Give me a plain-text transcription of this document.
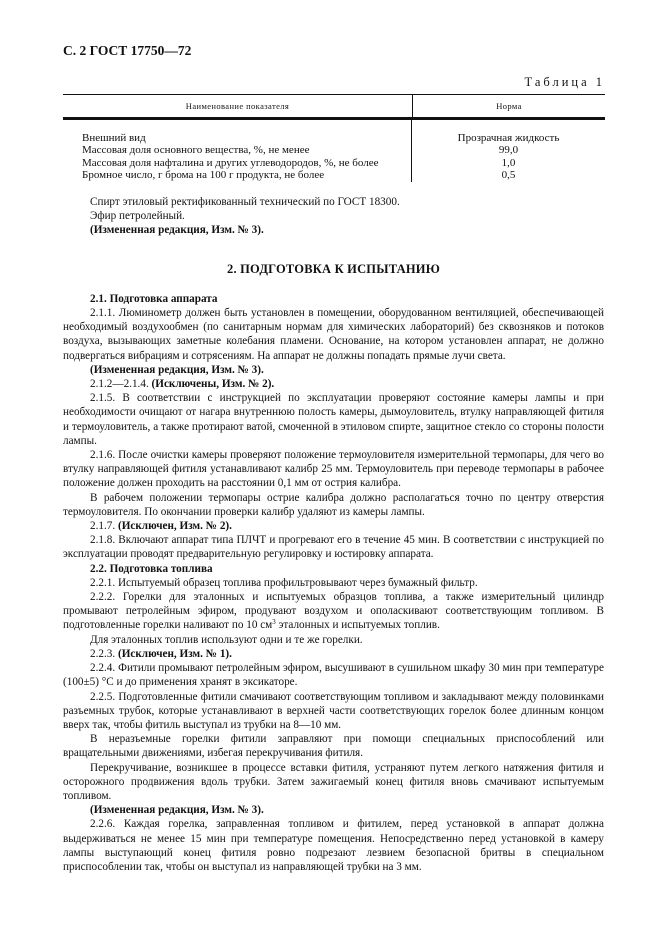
С. 2 ГОСТ 17750—72
Таблица 1
Наименование показателя	Норма
Внешний вид
Массовая доля основного вещества, %, не менее
Массовая доля нафталина и других углеводородов, %, не более
Бромное число, г брома на 100 г продукта, не более
Прозрачная жидкость
99,0
1,0
0,5

Спирт этиловый ректификованный технический по ГОСТ 18300.

Эфир петролейный.

(Измененная редакция, Изм. № 3).

2. ПОДГОТОВКА К ИСПЫТАНИЮ

2.1. Подготовка аппарата

2.1.1. Люминометр должен быть установлен в помещении, оборудованном вентиляцией, обеспечивающей необходимый воздухообмен (по санитарным нормам для химических лабораторий) без сквозняков и потоков воздуха, вызывающих заметные колебания пламени. Основание, на котором установлен аппарат, не должно подвергаться вибрациям и сотрясениям. На аппарат не должны попадать прямые лучи света.

(Измененная редакция, Изм. № 3).

2.1.2—2.1.4. (Исключены, Изм. № 2).

2.1.5. В соответствии с инструкцией по эксплуатации проверяют состояние камеры лампы и при необходимости очищают от нагара внутреннюю полость камеры, дымоуловитель, втулку направляющей фитиля и термоуловитель, а также протирают ватой, смоченной в этиловом спирте, защитное стекло со стороны полости лампы.

2.1.6. После очистки камеры проверяют положение термоуловителя измерительной термопары, для чего во втулку направляющей фитиля устанавливают калибр 25 мм. Термоуловитель при переводе термопары в рабочее положение должен проходить на расстоянии 0,1 мм от острия калибра.

В рабочем положении термопары острие калибра должно располагаться точно по центру отверстия термоуловителя. По окончании проверки калибр удаляют из камеры лампы.

2.1.7. (Исключен, Изм. № 2).

2.1.8. Включают аппарат типа ПЛЧТ и прогревают его в течение 45 мин. В соответствии с инструкцией по эксплуатации проводят предварительную регулировку и юстировку аппарата.

2.2. Подготовка топлива

2.2.1. Испытуемый образец топлива профильтровывают через бумажный фильтр.

2.2.2. Горелки для эталонных и испытуемых образцов топлива, а также измерительный цилиндр промывают петролейным эфиром, продувают воздухом и ополаскивают соответствующим топливом. В подготовленные горелки наливают по 10 $см^3$ эталонных и испытуемых топлив.

Для эталонных топлив используют одни и те же горелки.

2.2.3. (Исключен, Изм. № 1).

2.2.4. Фитили промывают петролейным эфиром, высушивают в сушильном шкафу 30 мин при температуре (100±5) °С и до применения хранят в эксикаторе.

2.2.5. Подготовленные фитили смачивают соответствующим топливом и закладывают между половинками разъемных трубок, которые устанавливают в верхней части соответствующих горелок более длинным концом вверх так, чтобы фитиль выступал из трубки на 8—10 мм.

В неразъемные горелки фитили заправляют при помощи специальных приспособлений или вращательными движениями, избегая перекручивания фитиля.

Перекручивание, возникшее в процессе вставки фитиля, устраняют путем легкого натяжения фитиля и осторожного продвижения вдоль трубки. Затем зажигаемый конец фитиля вновь смачивают испытуемым топливом.

(Измененная редакция, Изм. № 3).

2.2.6. Каждая горелка, заправленная топливом и фитилем, перед установкой в аппарат должна выдерживаться не менее 15 мин при температуре помещения. Непосредственно перед установкой в камеру лампы выступающий конец фитиля ровно подрезают лезвием безопасной бритвы в специальном приспособлении так, чтобы он выступал из направляющей трубки на 3 мм.
